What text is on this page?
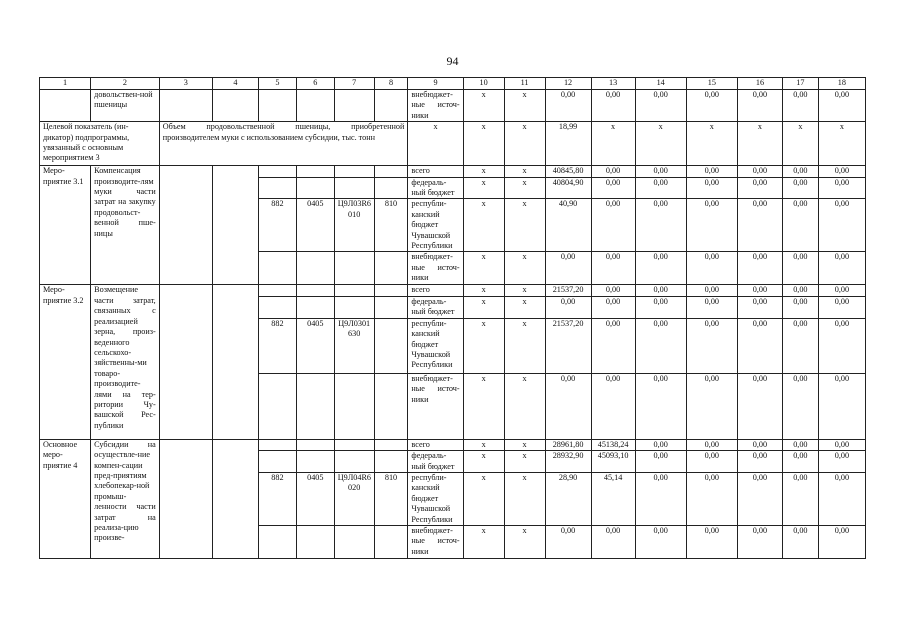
94
1	2	3	4	5	6	7	8	9	10	11	12	13	14	15	16	17	18
	довольствен-ной пшеницы							внебюджет-ные источ-ники	x	x	0,00	0,00	0,00	0,00	0,00	0,00	0,00
Целевой показатель (ин-дикатор) подпрограммы, увязанный с основным мероприятием 3		Объем продовольственной пшеницы, приобретенной производителем муки с использованием субсидии, тыс. тонн						x	x	x	18,99	x	x	x	x	x	x
Меро-приятие 3.1	Компенсация производите-лям муки части затрат на закупку продовольст-венной пше-ницы							всего	x	x	40845,80	0,00	0,00	0,00	0,00	0,00	0,00
								федераль-ный бюджет	x	x	40804,90	0,00	0,00	0,00	0,00	0,00	0,00
				882	0405	Ц9Л03R6 010	810	республи-канский бюджет Чувашской Республики	x	x	40,90	0,00	0,00	0,00	0,00	0,00	0,00
								внебюджет-ные источ-ники	x	x	0,00	0,00	0,00	0,00	0,00	0,00	0,00
Меро-приятие 3.2	Возмещение части затрат, связанных с реализацией зерна, произ-веденного сельскохо-зяйственны-ми товаро-производите-лями на тер-ритории Чу-вашской Рес-публики							всего	x	x	21537,20	0,00	0,00	0,00	0,00	0,00	0,00
								федераль-ный бюджет	x	x	0,00	0,00	0,00	0,00	0,00	0,00	0,00
				882	0405	Ц9Л0301 630		республи-канский бюджет Чувашской Республики	x	x	21537,20	0,00	0,00	0,00	0,00	0,00	0,00
								внебюджет-ные источ-ники	x	x	0,00	0,00	0,00	0,00	0,00	0,00	0,00
Основное меро-приятие 4	Субсидии на осуществле-ние компен-сации пред-приятиям хлебопекар-ной промыш-ленности части затрат на реализа-цию произве-							всего	x	x	28961,80	45138,24	0,00	0,00	0,00	0,00	0,00
								федераль-ный бюджет	x	x	28932,90	45093,10	0,00	0,00	0,00	0,00	0,00
				882	0405	Ц9Л04R6 020	810	республи-канский бюджет Чувашской Республики	x	x	28,90	45,14	0,00	0,00	0,00	0,00	0,00
								внебюджет-ные источ-ники	x	x	0,00	0,00	0,00	0,00	0,00	0,00	0,00
